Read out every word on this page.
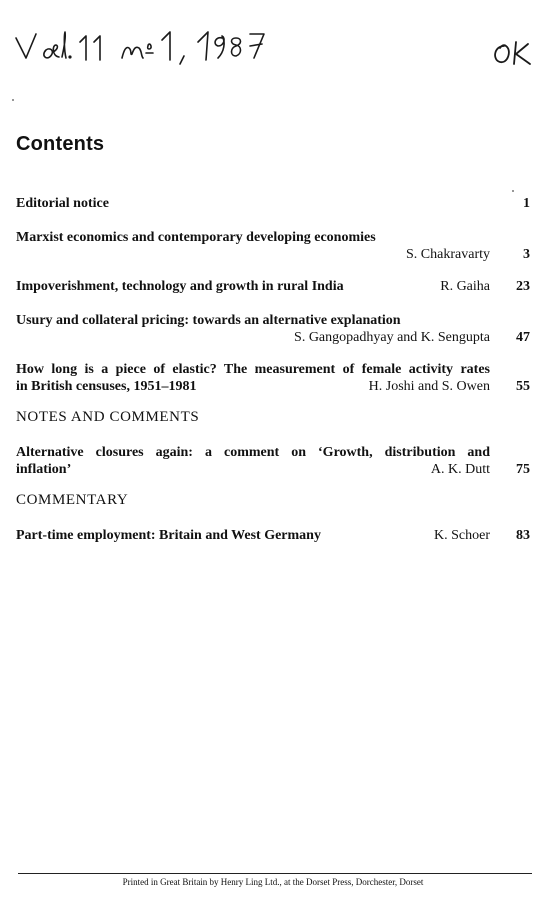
Contents
Editorial notice	1
Marxist economics and contemporary developing economies
S. Chakravarty 3
Impoverishment, technology and growth in rural India	R. Gaiha 23
Usury and collateral pricing: towards an alternative explanation
S. Gangopadhyay and K. Sengupta 47
How long is a piece of elastic? The measurement of female activity rates
in British censuses, 1951–1981	H. Joshi and S. Owen 55
NOTES AND COMMENTS
Alternative closures again: a comment on ‘Growth, distribution and
inflation’	A. K. Dutt 75
COMMENTARY
Part-time employment: Britain and West Germany	K. Schoer 83
Printed in Great Britain by Henry Ling Ltd., at the Dorset Press, Dorchester, Dorset
